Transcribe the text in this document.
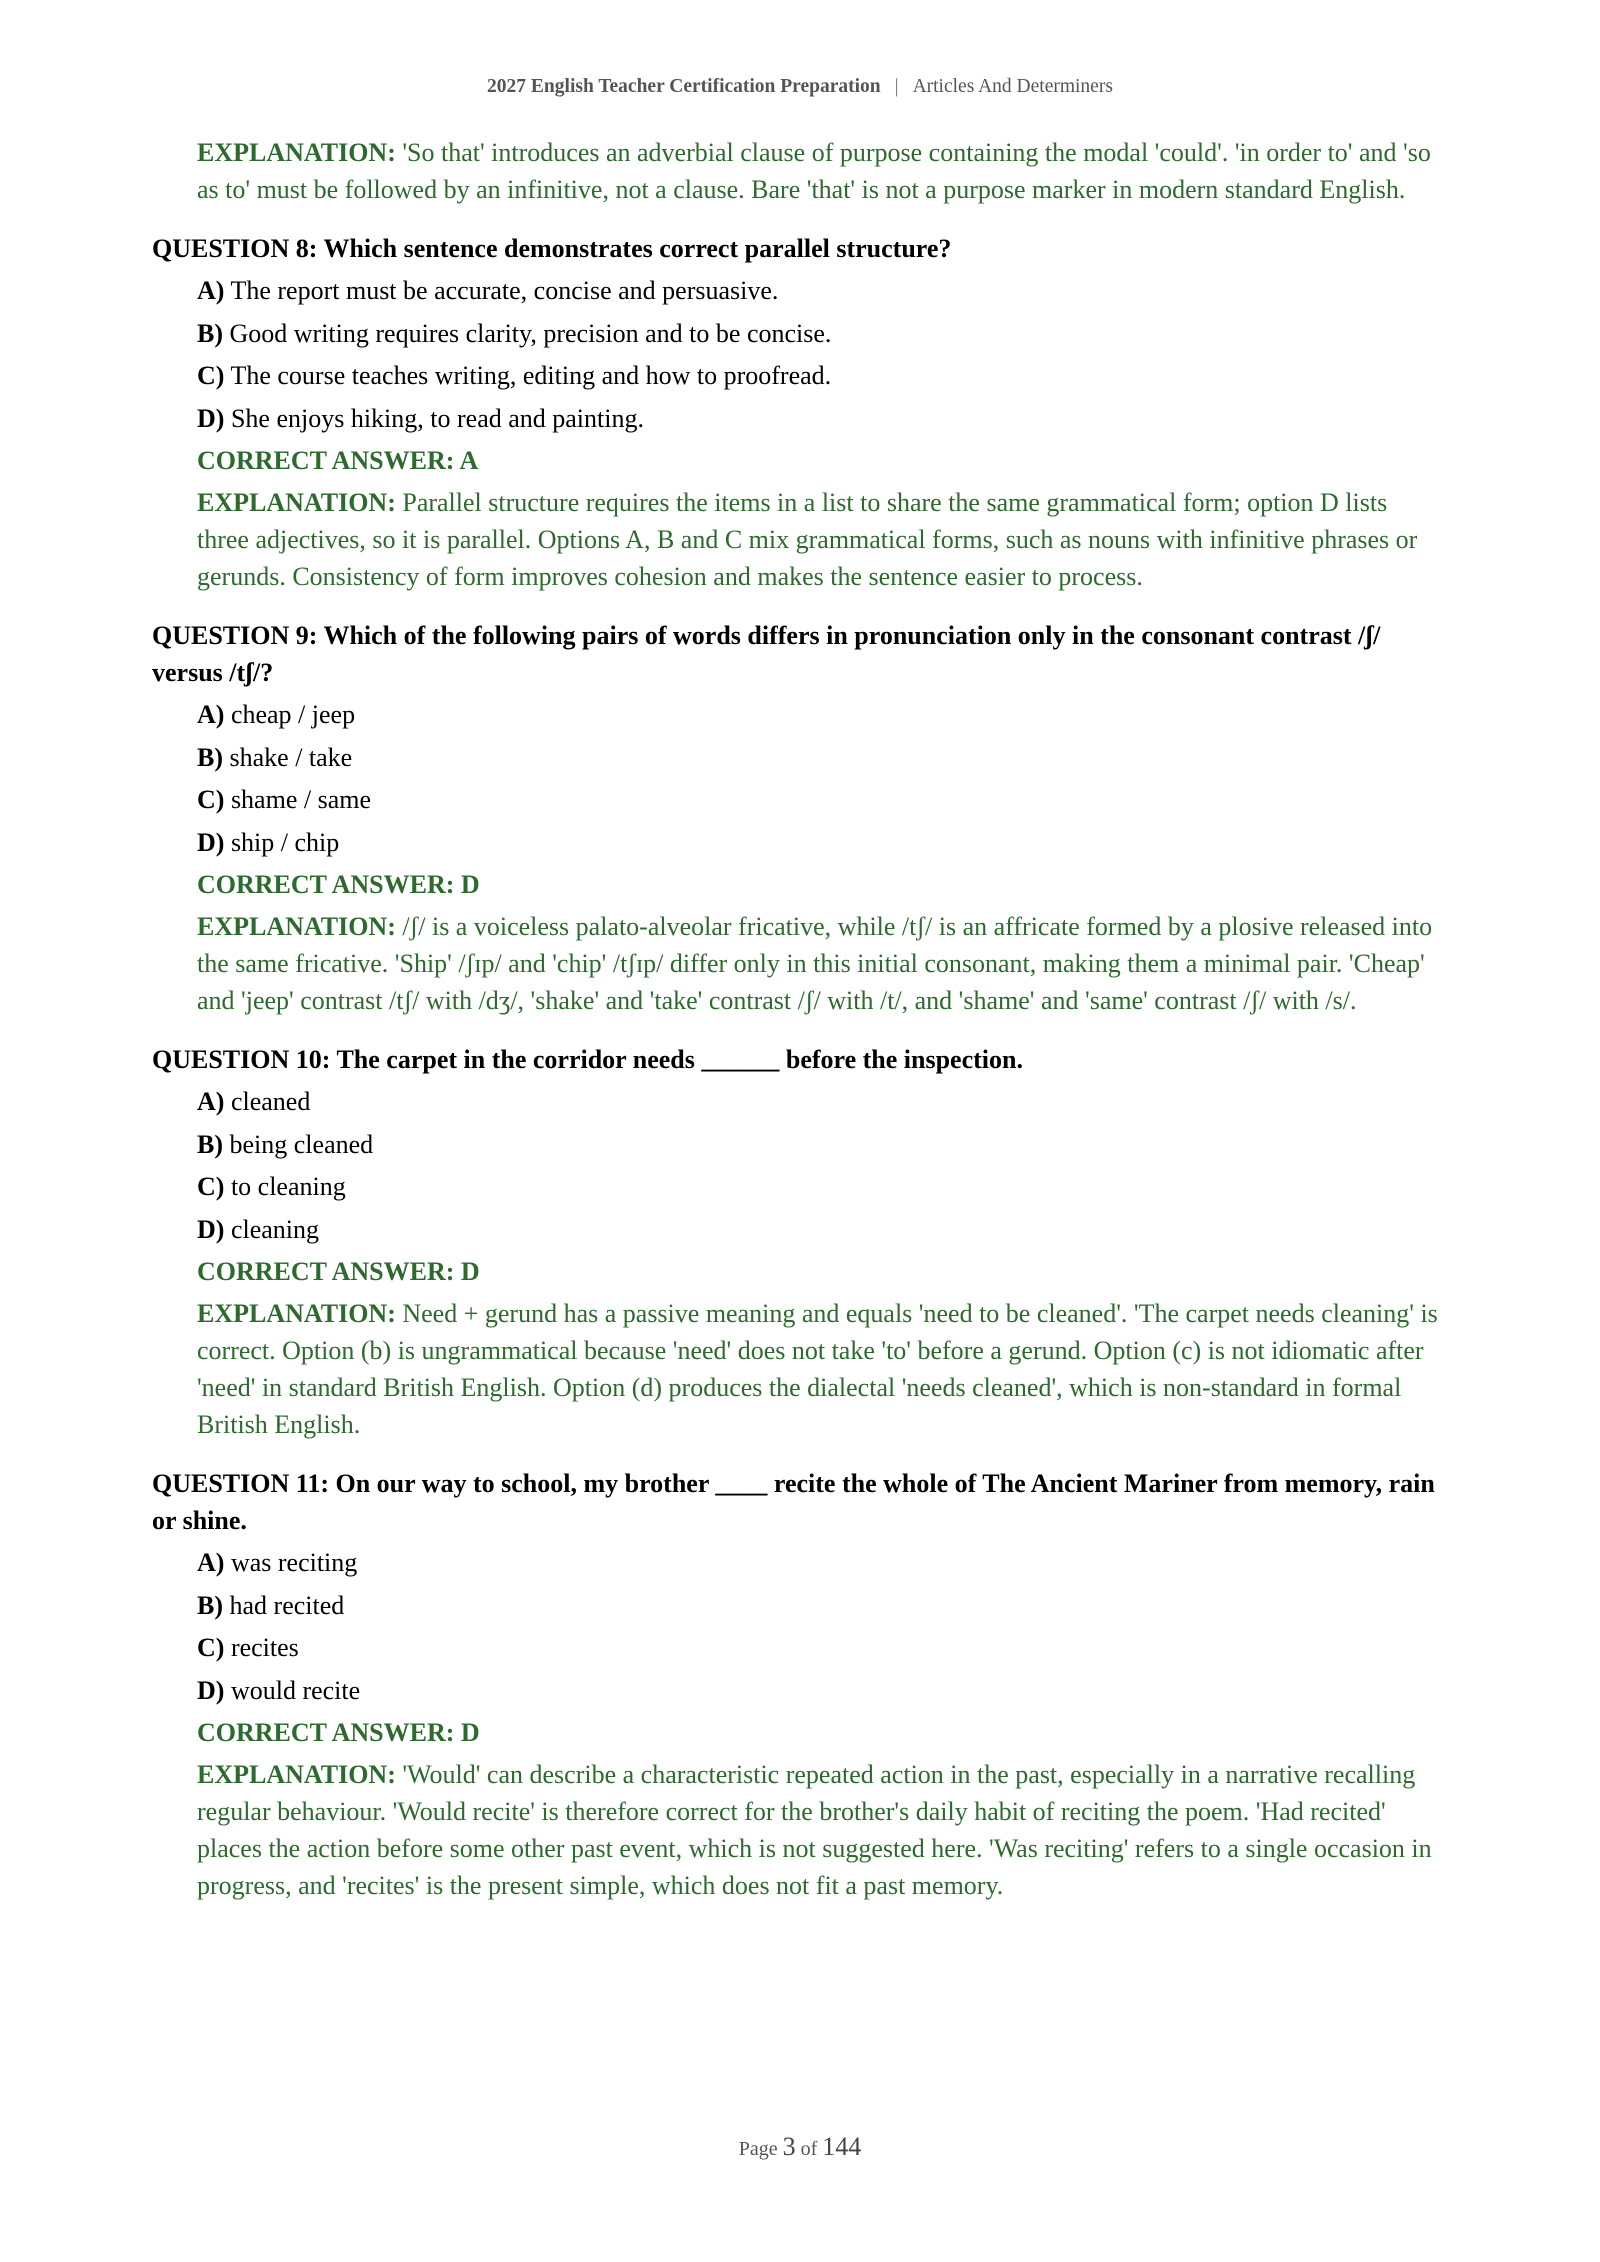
2027 English Teacher Certification Preparation | Articles And Determiners
EXPLANATION: 'So that' introduces an adverbial clause of purpose containing the modal 'could'. 'in order to' and 'so as to' must be followed by an infinitive, not a clause. Bare 'that' is not a purpose marker in modern standard English.
QUESTION 8: Which sentence demonstrates correct parallel structure?
A) The report must be accurate, concise and persuasive.
B) Good writing requires clarity, precision and to be concise.
C) The course teaches writing, editing and how to proofread.
D) She enjoys hiking, to read and painting.
CORRECT ANSWER: A
EXPLANATION: Parallel structure requires the items in a list to share the same grammatical form; option D lists three adjectives, so it is parallel. Options A, B and C mix grammatical forms, such as nouns with infinitive phrases or gerunds. Consistency of form improves cohesion and makes the sentence easier to process.
QUESTION 9: Which of the following pairs of words differs in pronunciation only in the consonant contrast /ʃ/ versus /tʃ/?
A) cheap / jeep
B) shake / take
C) shame / same
D) ship / chip
CORRECT ANSWER: D
EXPLANATION: /ʃ/ is a voiceless palato-alveolar fricative, while /tʃ/ is an affricate formed by a plosive released into the same fricative. 'Ship' /ʃɪp/ and 'chip' /tʃɪp/ differ only in this initial consonant, making them a minimal pair. 'Cheap' and 'jeep' contrast /tʃ/ with /dʒ/, 'shake' and 'take' contrast /ʃ/ with /t/, and 'shame' and 'same' contrast /ʃ/ with /s/.
QUESTION 10: The carpet in the corridor needs ______ before the inspection.
A) cleaned
B) being cleaned
C) to cleaning
D) cleaning
CORRECT ANSWER: D
EXPLANATION: Need + gerund has a passive meaning and equals 'need to be cleaned'. 'The carpet needs cleaning' is correct. Option (b) is ungrammatical because 'need' does not take 'to' before a gerund. Option (c) is not idiomatic after 'need' in standard British English. Option (d) produces the dialectal 'needs cleaned', which is non-standard in formal British English.
QUESTION 11: On our way to school, my brother ____ recite the whole of The Ancient Mariner from memory, rain or shine.
A) was reciting
B) had recited
C) recites
D) would recite
CORRECT ANSWER: D
EXPLANATION: 'Would' can describe a characteristic repeated action in the past, especially in a narrative recalling regular behaviour. 'Would recite' is therefore correct for the brother's daily habit of reciting the poem. 'Had recited' places the action before some other past event, which is not suggested here. 'Was reciting' refers to a single occasion in progress, and 'recites' is the present simple, which does not fit a past memory.
Page 3 of 144
